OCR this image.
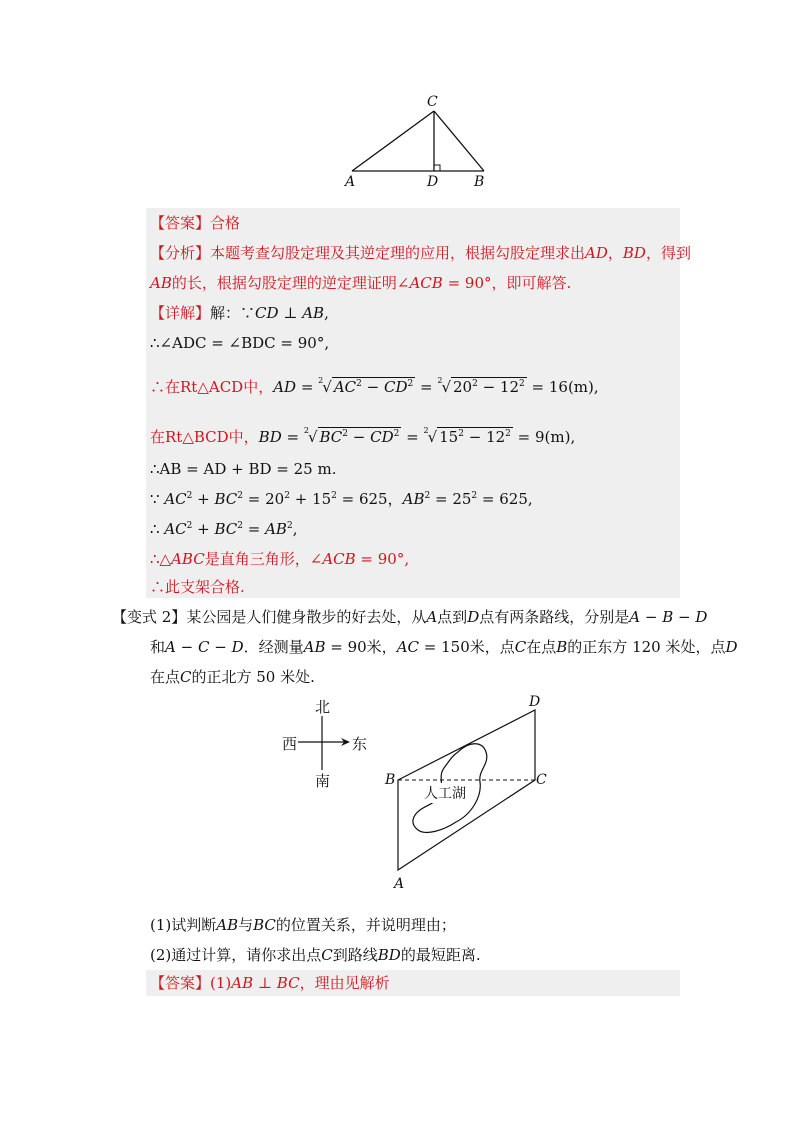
C
A	D	B
【答案】合格
【分析】本题考查勾股定理及其逆定理的应用，根据勾股定理求出AD，BD，得到
AB的长，根据勾股定理的逆定理证明∠ACB = 90°，即可解答.
【详解】解：∵CD ⊥ AB,
∴∠ADC = ∠BDC = 90°,
∴在Rt△ACD中，AD = $^2$√ $AC^2 - CD^2 = ^2√$ $20^2 - 12^2 = 16(m)$,
在Rt△BCD中，BD = $^2$√ $BC^2 - CD^2 = ^2√$ $15^2 - 12^2 = 9(m)$,
∴AB = AD + BD = 25 m.
∵ $AC^2 + BC^2 = 20^2 + 15^2 = 625$，$AB^2 = 25^2 = 625$,
∴ $AC^2 + BC^2 = AB^2$,
∴△ABC是直角三角形，∠ACB = 90°,
∴此支架合格.
【变式 2】某公园是人们健身散步的好去处，从A点到D点有两条路线，分别是A − B − D
和A − C − D．经测量AB = 90米，AC = 150米，点C在点B的正东方 120 米处，点D
在点C的正北方 50 米处.
北
南
西	东
人工湖
D
B	C
A
(1)试判断AB与BC的位置关系，并说明理由；
(2)通过计算，请你求出点C到路线BD的最短距离.
【答案】(1)AB ⊥ BC，理由见解析
